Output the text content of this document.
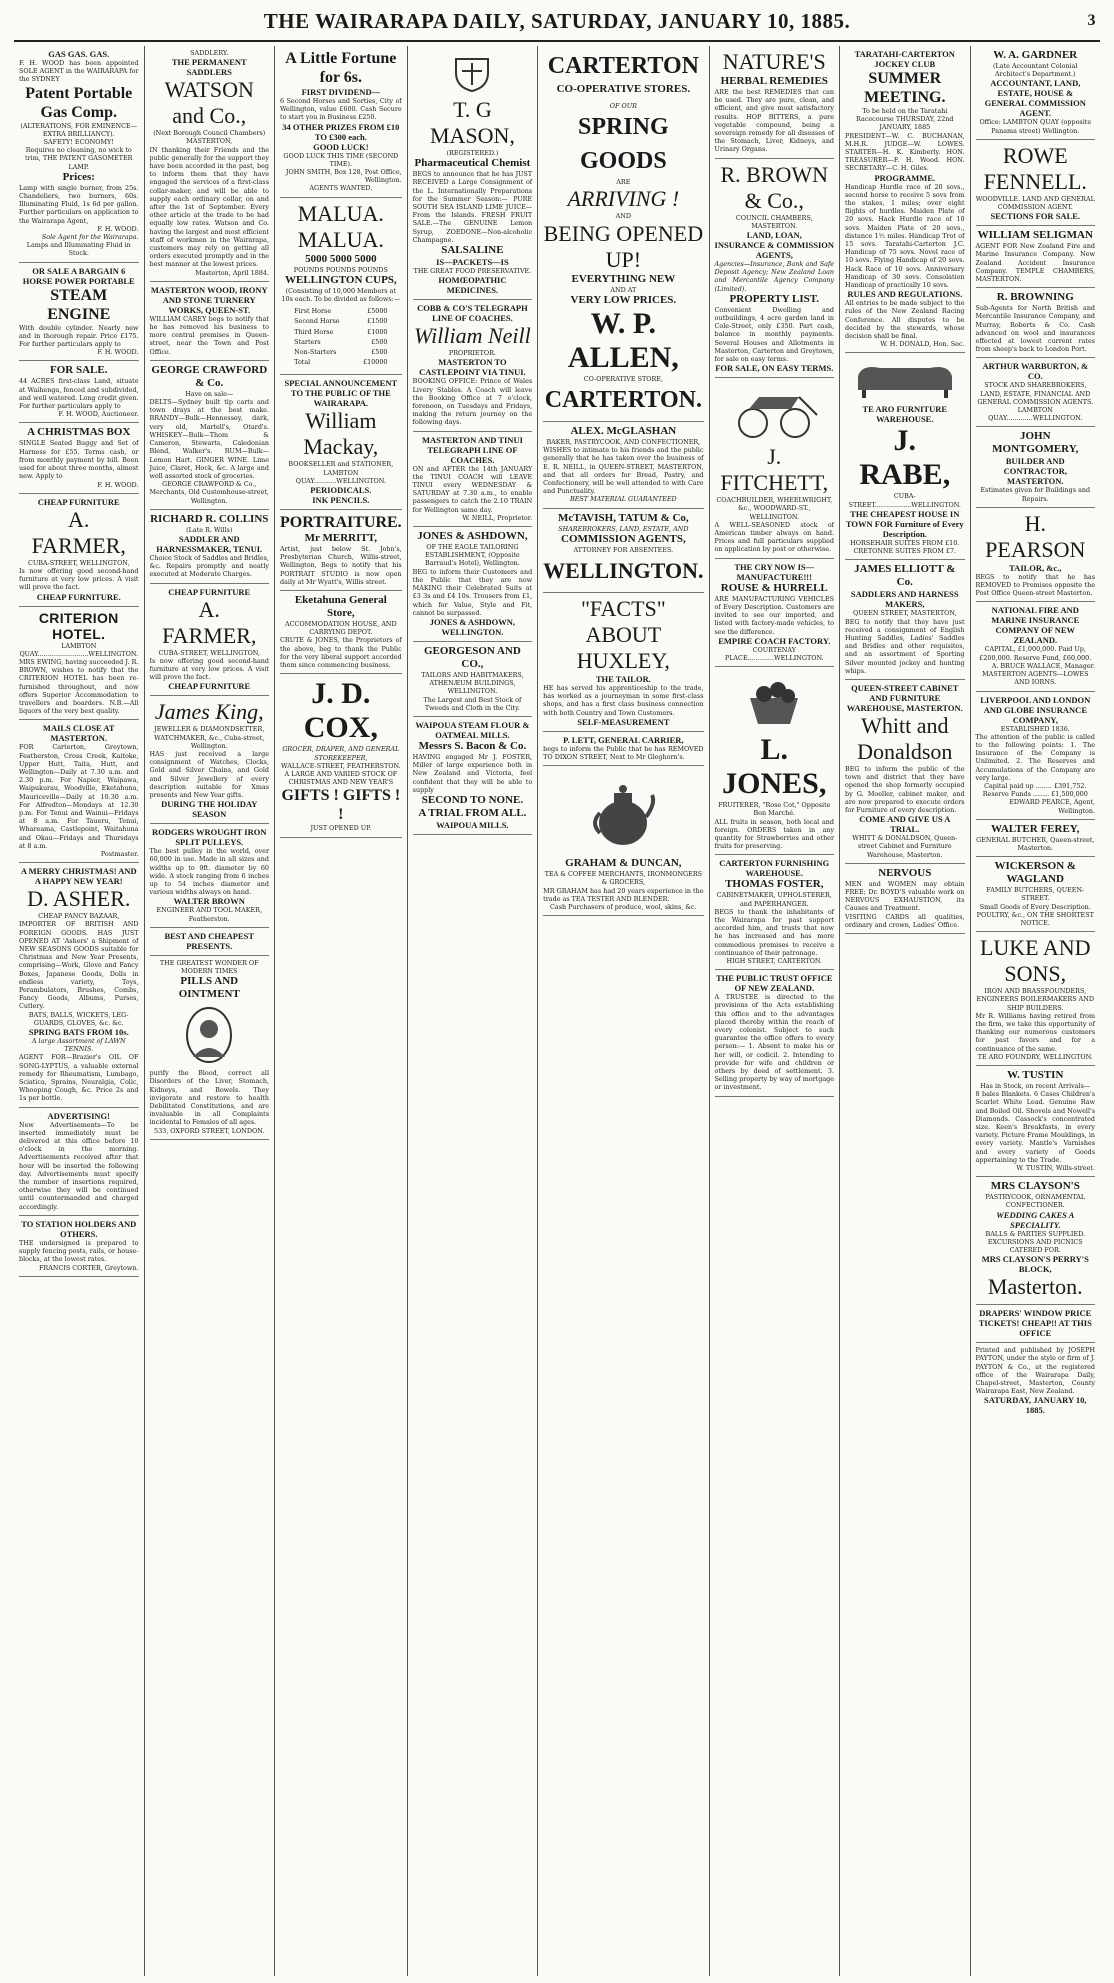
THE WAIRARAPA DAILY, SATURDAY, JANUARY 10, 1885.	3
GAS GAS. GAS.
F. H. WOOD has been appointed SOLE AGENT in the WAIRARAPA for the SYDNEY
Patent Portable Gas Comp.
(ALTERATIONS, FOR EMINENCE— EXTRA BRILLIANCY).
SAFETY! ECONOMY!
Requires no cleaning, no wick to trim, THE PATENT GASOMETER LAMP.
Prices:
Lamp with single burner, from 25s. Chandeliers, two burners, 60s. Illuminating Fluid, 1s 6d per gallon. Further particulars on application to the Wairarapa Agent,
F. H. WOOD.
Sole Agent for the Wairarapa.
Lamps and Illuminating Fluid in Stock.
OR SALE A BARGAIN 6 HORSE POWER PORTABLE
STEAM ENGINE
With double cylinder. Nearly new and in thorough repair. Price £175. For further particulars apply to
F. H. WOOD.
FOR SALE.
44 ACRES first-class Land, situate at Waihenga, fenced and subdivided, and well watered. Long credit given. For further particulars apply to
F. H. WOOD, Auctioneer.
A CHRISTMAS BOX
SINGLE Seated Buggy and Set of Harness for £55. Terms cash, or from monthly payment by bill. Been used for about three months, almost new. Apply to
F. H. WOOD.
CHEAP FURNITURE
A. FARMER,
CUBA-STREET, WELLINGTON,
Is now offering good second-hand furniture at very low prices. A visit will prove the fact.
CHEAP FURNITURE.
CRITERION HOTEL.
LAMBTON QUAY.........................WELLINGTON.
MRS EWING, having succeeded J. R. BROWN, wishes to notify that the CRITERION HOTEL has been re-furnished throughout, and now offers Superior Accommodation to travellers and boarders. N.B.—All liquors of the very best quality.
MAILS CLOSE AT MASTERTON.
FOR Carterton, Greytown, Featherston, Cross Creek, Kaitoke, Upper Hutt, Taita, Hutt, and Wellington—Daily at 7.30 a.m. and 2.30 p.m. For Napier, Waipawa, Waipukurau, Woodville, Eketahuna, Mauriceville—Daily at 10.30 a.m. For Alfredton—Mondays at 12.30 p.m. For Tenui and Wainui—Fridays at 8 a.m. For Taueru, Tenui, Whareama, Castlepoint, Waitahuna and Okau—Fridays and Thursdays at 8 a.m.
Postmaster.
A MERRY CHRISTMAS! AND A HAPPY NEW YEAR!
D. ASHER.
CHEAP FANCY BAZAAR,
IMPORTER OF BRITISH AND FOREIGN GOODS. HAS JUST OPENED AT 'Ashers' a Shipment of NEW SEASONS GOODS suitable for Christmas and New Year Presents, comprising—Work, Glove and Fancy Boxes, Japanese Goods, Dolls in endless variety, Toys, Perambulators, Brushes, Combs, Fancy Goods, Albums, Purses, Cutlery.
BATS, BALLS, WICKETS, LEG-GUARDS, GLOVES, &c. &c.
SPRING BATS FROM 10s.
A large Assortment of LAWN TENNIS.
AGENT FOR—Brazier's OIL OF SONG-LYPTUS, a valuable external remedy for Rheumatism, Lumbago, Sciatica, Sprains, Neuralgia, Colic, Whooping Cough, &c. Price 2s and 1s per bottle.
ADVERTISING!
New Advertisements—To be inserted immediately must be delivered at this office before 10 o'clock in the morning. Advertisements received after that hour will be inserted the following day. Advertisements must specify the number of insertions required, otherwise they will be continued until countermanded and charged accordingly.
TO STATION HOLDERS AND OTHERS.
THE undersigned is prepared to supply fencing posts, rails, or house-blocks, at the lowest rates.
FRANCIS CORTER, Greytown.
SADDLERY.
THE PERMANENT SADDLERS
WATSON and Co.,
(Next Borough Council Chambers) MASTERTON,
IN thanking their Friends and the public generally for the support they have been accorded in the past, beg to inform them that they have engaged the services of a first-class collar-maker, and will be able to supply each ordinary collar, on and after the 1st of September. Every other article at the trade to be had equally low rates. Watson and Co. having the largest and most efficient staff of workmen in the Wairarapa, customers may rely on getting all orders executed promptly and in the best manner at the lowest prices.
Masterton, April 1884.
MASTERTON WOOD, IRONY AND STONE TURNERY WORKS, QUEEN-ST.
WILLIAM CAREY begs to notify that he has removed his business to more central premises in Queen-street, near the Town and Post Office.
GEORGE CRAWFORD & Co.
Have on sale—
DELTS—Sydney built tip carts and town drays at the best make. BRANDY—Bulk—Hennessey, dark, very old, Martell's, Otard's. WHISKEY—Bulk—Thom & Cameron, Stewarts, Caledonian Blend, Walker's. RUM—Bulk—Lemon Hart. GINGER WINE. Lime Juice, Claret, Hock, &c. A large and well assorted stock of groceries.
GEORGE CRAWFORD & Co., Merchants, Old Customhouse-street, Wellington.
RICHARD R. COLLINS
(Late R. Wills)
SADDLER AND HARNESSMAKER, TENUI.
Choice Stock of Saddles and Bridles, &c. Repairs promptly and neatly executed at Moderate Charges.
CHEAP FURNITURE
A. FARMER,
CUBA-STREET, WELLINGTON,
Is now offering good second-hand furniture at very low prices. A visit will prove the fact.
CHEAP FURNITURE
James King,
JEWELLER & DIAMONDSETTER, WATCHMAKER, &c., Cuba-street, Wellington.
HAS just received a large consignment of Watches, Clocks, Gold and Silver Chains, and Gold and Silver Jewellery of every description suitable for Xmas presents and New Year gifts.
DURING THE HOLIDAY SEASON
RODGERS WROUGHT IRON SPLIT PULLEYS.
The best pulley in the world, over 60,000 in use. Made in all sizes and widths up to 9ft. diameter by 60 wide. A stock ranging from 6 inches up to 54 inches diameter and various widths always on hand.
WALTER BROWN
ENGINEER AND TOOL MAKER, Featherston.
BEST AND CHEAPEST PRESENTS.
THE GREATEST WONDER OF MODERN TIMES
PILLS AND OINTMENT
purify the Blood, correct all Disorders of the Liver, Stomach, Kidneys, and Bowels. They invigorate and restore to health Debilitated Constitutions, and are invaluable in all Complaints incidental to Females of all ages.
533, OXFORD STREET, LONDON.
A Little Fortune for 6s.
FIRST DIVIDEND—
6 Second Horses and Sorties, City of Wellington, value £600. Cash Secure to start you in Business £250.
34 OTHER PRIZES FROM £10 TO £300 each.
GOOD LUCK!
GOOD LUCK THIS TIME (SECOND TIME).
JOHN SMITH, Box 128, Post Office, Wellington.
AGENTS WANTED.
MALUA. MALUA.
5000 5000 5000
POUNDS POUNDS POUNDS
WELLINGTON CUPS,
(Consisting of 10,000 Members at 10s each. To be divided as follows:—
First Horse	£5000
Second Horse	£1500
Third Horse	£1000
Starters	£500
Non-Starters	£500
Total	£10000
SPECIAL ANNOUNCEMENT TO THE PUBLIC OF THE WAIRARAPA.
William Mackay,
BOOKSELLER and STATIONER, LAMBTON QUAY...........WELLINGTON.
PERIODICALS.
INK PENCILS.
PORTRAITURE.
Mr MERRITT,
Artist, just below St. John's, Presbyterian Church, Willis-street, Wellington, Begs to notify that his PORTRAIT STUDIO is now open daily at Mr Wyatt's, Willis street.
Eketahuna General Store,
ACCOMMODATION HOUSE, AND CARRYING DEPOT.
CRUTE & JONES, the Proprietors of the above, beg to thank the Public for the very liberal support accorded them since commencing business.
J. D. COX,
GROCER, DRAPER, AND GENERAL STOREKEEPER,
WALLACE-STREET, FEATHERSTON.
A LARGE AND VARIED STOCK OF CHRISTMAS AND NEW YEAR'S
GIFTS ! GIFTS ! !
JUST OPENED UP.
T. G MASON,
(REGISTERED.)
Pharmaceutical Chemist
BEGS to announce that he has JUST RECEIVED a Large Consignment of the L. Internationally Preparations for the Summer Season:— PURE SOUTH SEA ISLAND LIME JUICE—From the Islands. FRESH FRUIT SALE.—The GENUINE Lemon Syrup, ZOEDONE—Non-alcoholic Champagne.
SALSALINE
IS—PACKETS—IS
THE GREAT FOOD PRESERVATIVE.
HOMŒOPATHIC MEDICINES.
COBB & CO'S TELEGRAPH LINE OF COACHES.
William Neill
PROPRIETOR.
MASTERTON TO CASTLEPOINT VIA TINUI.
BOOKING OFFICE: Prince of Wales Livery Stables. A Coach will leave the Booking Office at 7 o'clock, forenoon, on Tuesdays and Fridays, making the return journey on the following days.
MASTERTON AND TINUI TELEGRAPH LINE OF COACHES.
ON and AFTER the 14th JANUARY the TINUI COACH will LEAVE TINUI every WEDNESDAY & SATURDAY at 7.30 a.m., to enable passengers to catch the 2.10 TRAIN for Wellington same day.
W. NEILL, Proprietor.
JONES & ASHDOWN,
OF THE EAGLE TAILORING ESTABLISHMENT, (Opposite Barraud's Hotel), Wellington.
BEG to inform their Customers and the Public that they are now MAKING their Celebrated Suits at £3 3s and £4 10s. Trousers from £1, which for Value, Style and Fit, cannot be surpassed.
JONES & ASHDOWN, WELLINGTON.
GEORGESON AND CO.,
TAILORS AND HABITMAKERS, ATHENÆUM BUILDINGS, WELLINGTON.
The Largest and Best Stock of Tweeds and Cloth in the City.
WAIPOUA STEAM FLOUR & OATMEAL MILLS.
Messrs S. Bacon & Co.
HAVING engaged Mr J. FOSTER, Miller of large experience both in New Zealand and Victoria, feel confident that they will be able to supply
SECOND TO NONE.
A TRIAL FROM ALL.
WAIPOUA MILLS.
CARTERTON
CO-OPERATIVE STORES.
OF OUR
SPRING GOODS
ARE
ARRIVING !
AND
BEING OPENED UP!
EVERYTHING NEW
AND AT
VERY LOW PRICES.
W. P. ALLEN,
CO-OPERATIVE STORE,
CARTERTON.
ALEX. McGLASHAN
BAKER, PASTRYCOOK, AND CONFECTIONER,
WISHES to intimate to his friends and the public generally that he has taken over the business of E. R. NEILL, in QUEEN-STREET, MASTERTON, and that all orders for Bread, Pastry, and Confectionery, will be well attended to with Care and Punctuality.
BEST MATERIAL GUARANTEED
McTAVISH, TATUM & Co,
SHAREBROKERS, LAND, ESTATE, AND
COMMISSION AGENTS,
ATTORNEY FOR ABSENTEES.
WELLINGTON.
"FACTS"
ABOUT HUXLEY,
THE TAILOR.
HE has served his apprenticeship to the trade, has worked as a journeyman in some first-class shops, and has a first class business connection with both Country and Town Customers.
SELF-MEASUREMENT
P. LETT, GENERAL CARRIER,
begs to inform the Public that he has REMOVED TO DIXON STREET, Next to Mr Gleghorn's.
GRAHAM & DUNCAN,
TEA & COFFEE MERCHANTS, IRONMONGERS & GROCERS,
MR GRAHAM has had 20 years experience in the trade as TEA TESTER AND BLENDER.
Cash Purchasers of produce, wool, skins, &c.
NATURE'S
HERBAL REMEDIES
ARE the best REMEDIES that can be used. They are pure, clean, and efficient, and give most satisfactory results. HOP BITTERS, a pure vegetable compound, being a sovereign remedy for all diseases of the Stomach, Liver, Kidneys, and Urinary Organs.
R. BROWN & Co.,
COUNCIL CHAMBERS, MASTERTON.
LAND, LOAN,
INSURANCE & COMMISSION AGENTS,
Agencies—Insurance, Bank and Safe Deposit Agency; New Zealand Loan and Mercantile Agency Company (Limited).
PROPERTY LIST.
Convenient Dwelling and outbuildings, 4 acre garden land in Cole-Street, only £350. Part cash, balance in monthly payments. Several Houses and Allotments in Masterton, Carterton and Greytown, for sale on easy terms.
FOR SALE, ON EASY TERMS.
J. FITCHETT,
COACHBUILDER, WHEELWRIGHT, &c., WOODWARD-ST., WELLINGTON.
A WELL-SEASONED stock of American timber always on hand. Prices and full particulars supplied on application by post or otherwise.
THE CRY NOW IS— MANUFACTURE!!!
ROUSE & HURRELL
ARE MANUFACTURING VEHICLES of Every Description. Customers are invited to see our imported, and listed with factory-made vehicles, to see the difference.
EMPIRE COACH FACTORY.
COURTENAY PLACE.............WELLINGTON.
L. JONES,
FRUITERER, "Rose Cot," Opposite Bon Marché.
ALL fruits in season, both local and foreign. ORDERS taken in any quantity for Strawberries and other fruits for preserving.
CARTERTON FURNISHING WAREHOUSE.
THOMAS FOSTER,
CABINETMAKER, UPHOLSTERER, and PAPERHANGER.
BEGS to thank the inhabitants of the Wairarapa for past support accorded him, and trusts that now he has increased and has more commodious premises to receive a continuance of their patronage.
HIGH STREET, CARTERTON.
THE PUBLIC TRUST OFFICE OF NEW ZEALAND.
A TRUSTEE is directed to the provisions of the Acts establishing this office and to the advantages placed thereby within the reach of every colonist. Subject to such guarantee the office offers to every person:— 1. Absent to make his or her will, or codicil. 2. Intending to provide for wife and children or others by deed of settlement. 3. Selling property by way of mortgage or investment.
TARATAHI-CARTERTON JOCKEY CLUB
SUMMER MEETING.
To be held on the Taratahi Racecourse THURSDAY, 22nd JANUARY, 1885
PRESIDENT—W. C. BUCHANAN, M.H.R. JUDGE—W. LOWES. STARTER—H. K. Kimberly. HON. TREASURER—F. H. Wood. HON. SECRETARY—C. H. Giles.
PROGRAMME.
Handicap Hurdle race of 20 sovs., second horse to receive 5 sovs from the stakes, 1 miles; over eight flights of hurdles. Maiden Plate of 20 sovs. Hack Hurdle race of 10 sovs. Maiden Plate of 20 sovs., distance 1½ miles. Handicap Trot of 15 sovs. Taratahi-Carterton J.C. Handicap of 75 sovs. Novel race of 10 sovs. Flying Handicap of 20 sovs. Hack Race of 10 sovs. Anniversary Handicap of 30 sovs. Consolation Handicap of practically 10 sovs.
RULES AND REGULATIONS.
All entries to be made subject to the rules of the New Zealand Racing Conference. All disputes to be decided by the stewards, whose decision shall be final.
W. H. DONALD, Hon. Sec.
TE ARO FURNITURE WAREHOUSE.
J. RABE,
CUBA-STREET..................WELLINGTON.
THE CHEAPEST HOUSE IN TOWN FOR Furniture of Every Description.
HORSEHAIR SUITES FROM £10. CRETONNE SUITES FROM £7.
JAMES ELLIOTT & Co.
SADDLERS AND HARNESS MAKERS,
QUEEN STREET, MASTERTON,
BEG to notify that they have just received a consignment of English Hunting Saddles, Ladies' Saddles and Bridles and other requisites, and an assortment of Sporting Silver mounted jockey and hunting whips.
QUEEN-STREET CABINET AND FURNITURE WAREHOUSE, MASTERTON.
Whitt and Donaldson
BEG to inform the public of the town and district that they have opened the shop formerly occupied by G. Moeller, cabinet maker, and are now prepared to execute orders for Furniture of every description.
COME AND GIVE US A TRIAL.
WHITT & DONALDSON, Queen-street Cabinet and Furniture Warehouse, Masterton.
NERVOUS
MEN and WOMEN may obtain FREE; Dr. BOYD'S valuable work on NERVOUS EXHAUSTION, its Causes and Treatment.
VISITING CARDS all qualities, ordinary and crown, Ladies' Office.
W. A. GARDNER
(Late Accountant Colonial Architect's Department.)
ACCOUNTANT, LAND, ESTATE, HOUSE & GENERAL COMMISSION AGENT.
Office: LAMBTON QUAY (opposite Panama street) Wellington.
ROWE FENNELL.
WOODVILLE. LAND AND GENERAL COMMISSION AGENT.
SECTIONS FOR SALE.
WILLIAM SELIGMAN
AGENT FOR New Zealand Fire and Marine Insurance Company. New Zealand Accident Insurance Company. TEMPLE CHAMBERS, MASTERTON.
R. BROWNING
Sub-Agents for North British and Mercantile Insurance Company, and Murray, Roberts & Co. Cash advanced on wool and insurances effected at lowest current rates from sheep's back to London Port.
ARTHUR WARBURTON, & CO.
STOCK AND SHAREBROKERS, LAND, ESTATE, FINANCIAL AND GENERAL COMMISSION AGENTS.
LAMBTON QUAY.............WELLINGTON.
JOHN MONTGOMERY,
BUILDER AND CONTRACTOR, MASTERTON.
Estimates given for Buildings and Repairs.
H. PEARSON
TAILOR, &c.,
BEGS to notify that he has REMOVED to Premises opposite the Post Office Queen-street Masterton.
NATIONAL FIRE AND MARINE INSURANCE COMPANY OF NEW ZEALAND.
CAPITAL, £1,000,000. Paid Up, £200,000. Reserve Fund, £60,000.
A. BRUCE WALLACE, Manager.
MASTERTON AGENTS—LOWES AND IORNS.
LIVERPOOL AND LONDON AND GLOBE INSURANCE COMPANY,
ESTABLISHED 1836.
The attention of the public is called to the following points: 1. The Insurance of the Company is Unlimited. 2. The Reserves and Accumulations of the Company are very large.
Capital paid up ........ £391,752. Reserve Funds ........ £1,500,000
EDWARD PEARCE, Agent, Wellington.
WALTER FEREY,
GENERAL BUTCHER, Queen-street, Masterton.
WICKERSON & WAGLAND
FAMILY BUTCHERS, QUEEN-STREET.
Small Goods of Every Description.
POULTRY, &c., ON THE SHORTEST NOTICE.
LUKE AND SONS,
IRON AND BRASSFOUNDERS, ENGINEERS BOILERMAKERS AND SHIP BUILDERS.
Mr R. Williams having retired from the firm, we take this opportunity of thanking our numerous customers for past favors and for a continuance of the same.
TE ARO FOUNDRY, WELLINGTON.
W. TUSTIN
Has in Stock, on recent Arrivals—
8 bales Blankets. 6 Cases Children's Scarlet White Lead. Genuine Raw and Boiled Oil. Shovels and Nowell's Diamonds. Cassock's concentrated size. Keen's Breakfasts, in every variety. Picture Frame Mouldings, in every variety. Mantle's Varnishes and every variety of Goods appertaining to the Trade.
W. TUSTIN, Wills-street.
MRS CLAYSON'S
PASTRYCOOK, ORNAMENTAL CONFECTIONER.
WEDDING CAKES A SPECIALITY.
BALLS & PARTIES SUPPLIED.
EXCURSIONS AND PICNICS CATERED FOR.
MRS CLAYSON'S PERRY'S BLOCK,
Masterton.
DRAPERS' WINDOW PRICE TICKETS! CHEAP!! AT THIS OFFICE
Printed and published by JOSEPH PAYTON, under the style or firm of J. PAYTON & Co., at the registered office of the Wairarapa Daily, Chapel-street, Masterton, County Wairarapa East, New Zealand.
SATURDAY, JANUARY 10, 1885.
